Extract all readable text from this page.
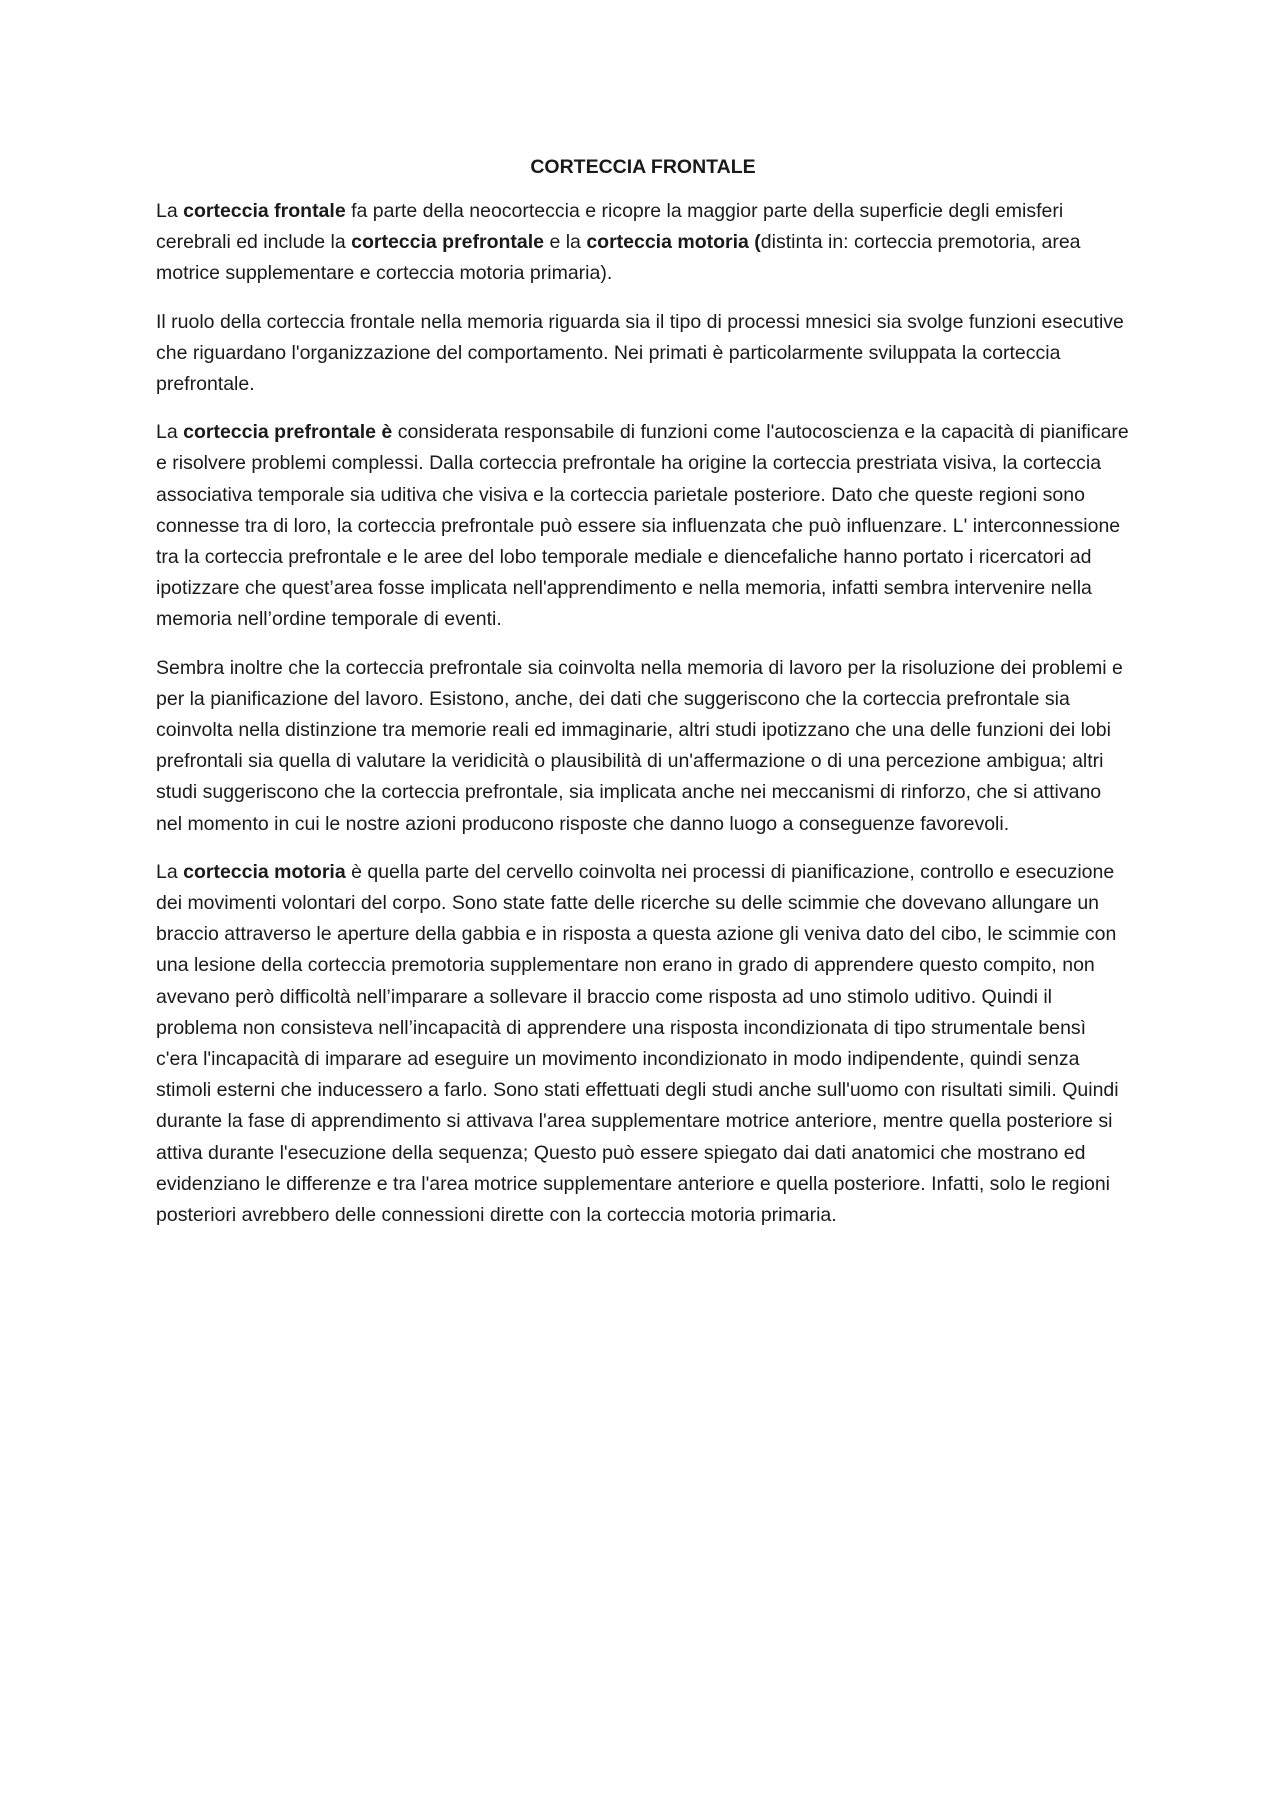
CORTECCIA FRONTALE

La corteccia frontale fa parte della neocorteccia e ricopre la maggior parte della superficie degli emisferi cerebrali ed include la corteccia prefrontale e la corteccia motoria (distinta in: corteccia premotoria, area motrice supplementare e corteccia motoria primaria).

Il ruolo della corteccia frontale nella memoria riguarda sia il tipo di processi mnesici sia svolge funzioni esecutive che riguardano l'organizzazione del comportamento. Nei primati è particolarmente sviluppata la corteccia prefrontale.

La corteccia prefrontale è considerata responsabile di funzioni come l'autocoscienza e la capacità di pianificare e risolvere problemi complessi. Dalla corteccia prefrontale ha origine la corteccia prestriata visiva, la corteccia associativa temporale sia uditiva che visiva e la corteccia parietale posteriore. Dato che queste regioni sono connesse tra di loro, la corteccia prefrontale può essere sia influenzata che può influenzare. L' interconnessione tra la corteccia prefrontale e le aree del lobo temporale mediale e diencefaliche hanno portato i ricercatori ad ipotizzare che quest’area fosse implicata nell'apprendimento e nella memoria, infatti sembra intervenire nella memoria nell’ordine temporale di eventi.

Sembra inoltre che la corteccia prefrontale sia coinvolta nella memoria di lavoro per la risoluzione dei problemi e per la pianificazione del lavoro. Esistono, anche, dei dati che suggeriscono che la corteccia prefrontale sia coinvolta nella distinzione tra memorie reali ed immaginarie, altri studi ipotizzano che una delle funzioni dei lobi prefrontali sia quella di valutare la veridicità o plausibilità di un'affermazione o di una percezione ambigua; altri studi suggeriscono che la corteccia prefrontale, sia implicata anche nei meccanismi di rinforzo, che si attivano nel momento in cui le nostre azioni producono risposte che danno luogo a conseguenze favorevoli.

La corteccia motoria è quella parte del cervello coinvolta nei processi di pianificazione, controllo e esecuzione dei movimenti volontari del corpo. Sono state fatte delle ricerche su delle scimmie che dovevano allungare un braccio attraverso le aperture della gabbia e in risposta a questa azione gli veniva dato del cibo, le scimmie con una lesione della corteccia premotoria supplementare non erano in grado di apprendere questo compito, non avevano però difficoltà nell’imparare a sollevare il braccio come risposta ad uno stimolo uditivo. Quindi il problema non consisteva nell’incapacità di apprendere una risposta incondizionata di tipo strumentale bensì c'era l'incapacità di imparare ad eseguire un movimento incondizionato in modo indipendente, quindi senza stimoli esterni che inducessero a farlo. Sono stati effettuati degli studi anche sull'uomo con risultati simili. Quindi durante la fase di apprendimento si attivava l'area supplementare motrice anteriore, mentre quella posteriore si attiva durante l'esecuzione della sequenza; Questo può essere spiegato dai dati anatomici che mostrano ed evidenziano le differenze e tra l'area motrice supplementare anteriore e quella posteriore. Infatti, solo le regioni posteriori avrebbero delle connessioni dirette con la corteccia motoria primaria.
